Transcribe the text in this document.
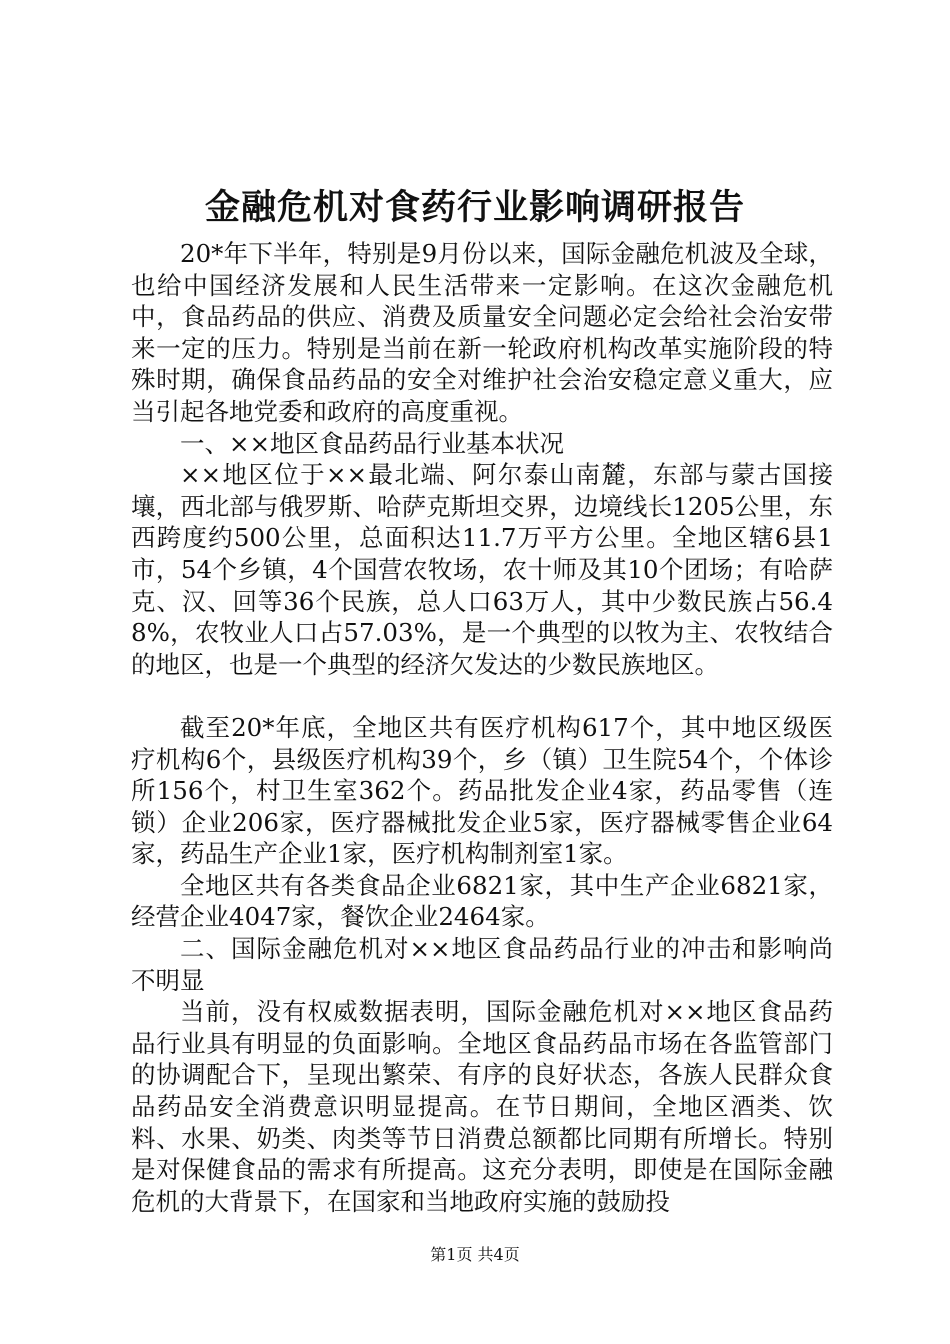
金融危机对食药行业影响调研报告

20*年下半年，特别是9月份以来，国际金融危机波及全球，也给中国经济发展和人民生活带来一定影响。在这次金融危机中，食品药品的供应、消费及质量安全问题必定会给社会治安带来一定的压力。特别是当前在新一轮政府机构改革实施阶段的特殊时期，确保食品药品的安全对维护社会治安稳定意义重大，应当引起各地党委和政府的高度重视。

一、××地区食品药品行业基本状况

××地区位于××最北端、阿尔泰山南麓，东部与蒙古国接壤，西北部与俄罗斯、哈萨克斯坦交界，边境线长1205公里，东西跨度约500公里，总面积达11.7万平方公里。全地区辖6县1市，54个乡镇，4个国营农牧场，农十师及其10个团场；有哈萨克、汉、回等36个民族，总人口63万人，其中少数民族占56.48%，农牧业人口占57.03%，是一个典型的以牧为主、农牧结合的地区，也是一个典型的经济欠发达的少数民族地区。

截至20*年底，全地区共有医疗机构617个，其中地区级医疗机构6个，县级医疗机构39个，乡（镇）卫生院54个，个体诊所156个，村卫生室362个。药品批发企业4家，药品零售（连锁）企业206家，医疗器械批发企业5家，医疗器械零售企业64家，药品生产企业1家，医疗机构制剂室1家。

全地区共有各类食品企业6821家，其中生产企业6821家，经营企业4047家，餐饮企业2464家。

二、国际金融危机对××地区食品药品行业的冲击和影响尚不明显

当前，没有权威数据表明，国际金融危机对××地区食品药品行业具有明显的负面影响。全地区食品药品市场在各监管部门的协调配合下，呈现出繁荣、有序的良好状态，各族人民群众食品药品安全消费意识明显提高。在节日期间，全地区酒类、饮料、水果、奶类、肉类等节日消费总额都比同期有所增长。特别是对保健食品的需求有所提高。这充分表明，即使是在国际金融危机的大背景下，在国家和当地政府实施的鼓励投

第1页 共4页
